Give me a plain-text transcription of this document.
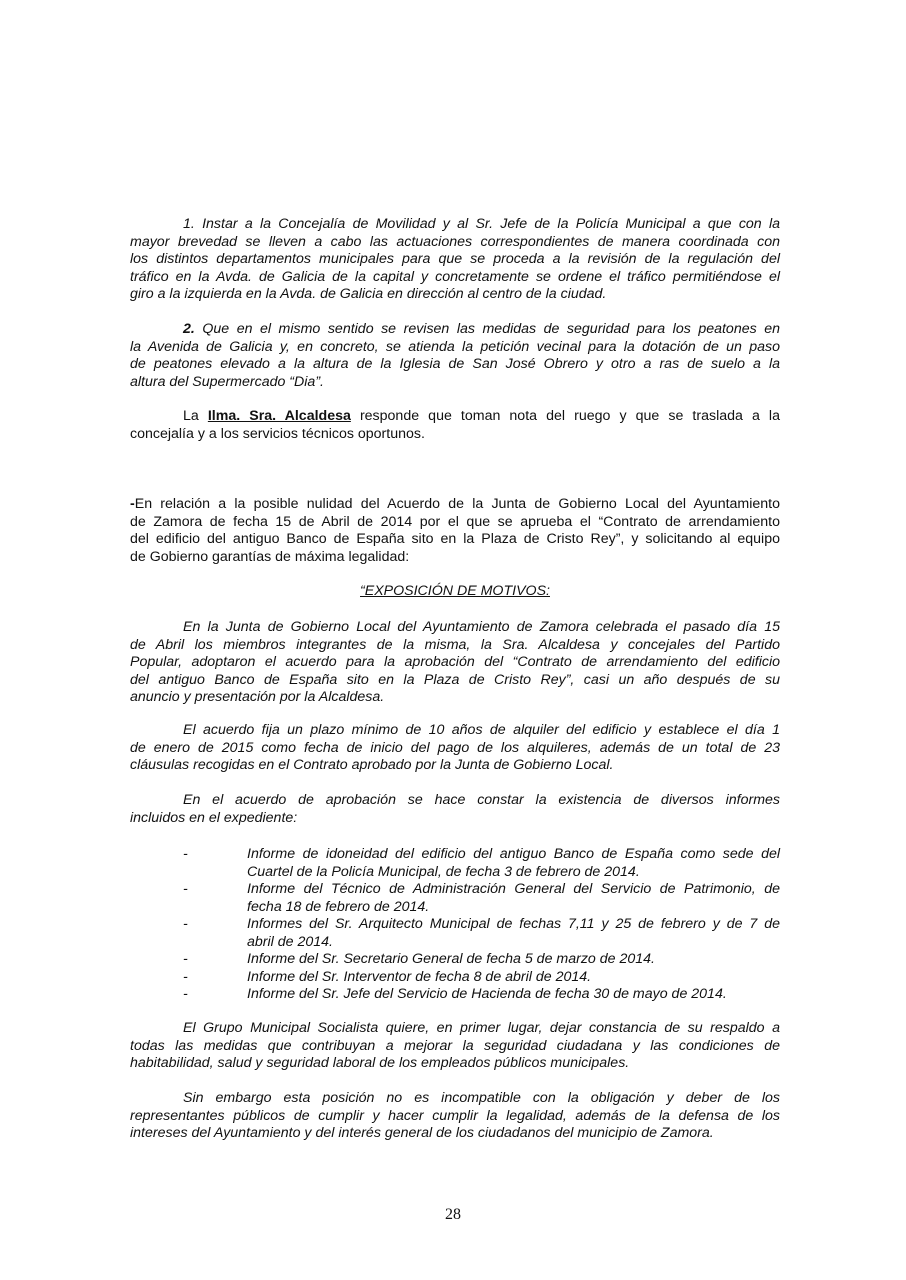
1. Instar a la Concejalía de Movilidad y al Sr. Jefe de la Policía Municipal a que con la
mayor brevedad se lleven a cabo las actuaciones correspondientes de manera coordinada con
los distintos departamentos municipales para que se proceda a la revisión de la regulación del
tráfico en la Avda. de Galicia de la capital y concretamente se ordene el tráfico permitiéndose el
giro a la izquierda en la Avda. de Galicia en dirección al centro de la ciudad.
2. Que en el mismo sentido se revisen las medidas de seguridad para los peatones en
la Avenida de Galicia y, en concreto, se atienda la petición vecinal para la dotación de un paso
de peatones elevado a la altura de la Iglesia de San José Obrero y otro a ras de suelo a la
altura del Supermercado “Dia”.
La Ilma. Sra. Alcaldesa responde que toman nota del ruego y que se traslada a la
concejalía y a los servicios técnicos oportunos.
-En relación a la posible nulidad del Acuerdo de la Junta de Gobierno Local del Ayuntamiento
de Zamora de fecha 15 de Abril de 2014 por el que se aprueba el “Contrato de arrendamiento
del edificio del antiguo Banco de España sito en la Plaza de Cristo Rey”, y solicitando al equipo
de Gobierno garantías de máxima legalidad:
“EXPOSICIÓN DE MOTIVOS:
En la Junta de Gobierno Local del Ayuntamiento de Zamora celebrada el pasado día 15
de Abril los miembros integrantes de la misma, la Sra. Alcaldesa y concejales del Partido
Popular, adoptaron el acuerdo para la aprobación del “Contrato de arrendamiento del edificio
del antiguo Banco de España sito en la Plaza de Cristo Rey”, casi un año después de su
anuncio y presentación por la Alcaldesa.
El acuerdo fija un plazo mínimo de 10 años de alquiler del edificio y establece el día 1
de enero de 2015 como fecha de inicio del pago de los alquileres, además de un total de 23
cláusulas recogidas en el Contrato aprobado por la Junta de Gobierno Local.
En el acuerdo de aprobación se hace constar la existencia de diversos informes
incluidos en el expediente:
-	Informe de idoneidad del edificio del antiguo Banco de España como sede del
Cuartel de la Policía Municipal, de fecha 3 de febrero de 2014.
-	Informe del Técnico de Administración General del Servicio de Patrimonio, de
fecha 18 de febrero de 2014.
-	Informes del Sr. Arquitecto Municipal de fechas 7,11 y 25 de febrero y de 7 de
abril de 2014.
-	Informe del Sr. Secretario General de fecha 5 de marzo de 2014.
-	Informe del Sr. Interventor de fecha 8 de abril de 2014.
-	Informe del Sr. Jefe del Servicio de Hacienda de fecha 30 de mayo de 2014.
El Grupo Municipal Socialista quiere, en primer lugar, dejar constancia de su respaldo a
todas las medidas que contribuyan a mejorar la seguridad ciudadana y las condiciones de
habitabilidad, salud y seguridad laboral de los empleados públicos municipales.
Sin embargo esta posición no es incompatible con la obligación y deber de los
representantes públicos de cumplir y hacer cumplir la legalidad, además de la defensa de los
intereses del Ayuntamiento y del interés general de los ciudadanos del municipio de Zamora.
28
